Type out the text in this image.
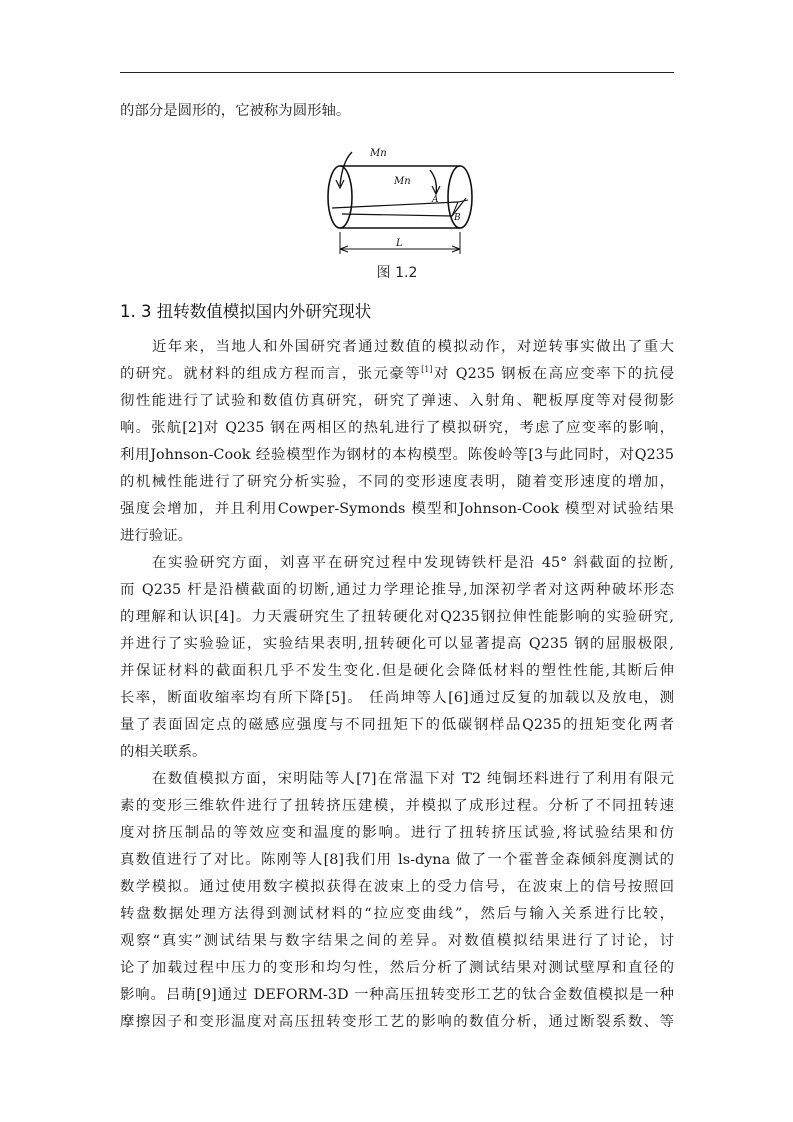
的部分是圆形的，它被称为圆形轴。
Mn
Mn
A
B
L
图 1.2
1. 3 扭转数值模拟国内外研究现状
近年来，当地人和外国研究者通过数值的模拟动作，对逆转事实做出了重大
的研究。就材料的组成方程而言，张元豪等[1]对 Q235 钢板在高应变率下的抗侵
彻性能进行了试验和数值仿真研究，研究了弹速、入射角、靶板厚度等对侵彻影
响。张航[2]对 Q235 钢在两相区的热轧进行了模拟研究，考虑了应变率的影响，
利用Johnson-Cook 经验模型作为钢材的本构模型。陈俊岭等[3与此同时，对Q235
的机械性能进行了研究分析实验，不同的变形速度表明，随着变形速度的增加，
强度会增加，并且利用Cowper-Symonds 模型和Johnson-Cook 模型对试验结果
进行验证。
在实验研究方面，刘喜平在研究过程中发现铸铁杆是沿 45° 斜截面的拉断,
而 Q235 杆是沿横截面的切断,通过力学理论推导,加深初学者对这两种破坏形态
的理解和认识[4]。力天震研究生了扭转硬化对Q235钢拉伸性能影响的实验研究,
并进行了实验验证，实验结果表明,扭转硬化可以显著提高 Q235 钢的屈服极限,
并保证材料的截面积几乎不发生变化.但是硬化会降低材料的塑性性能,其断后伸
长率，断面收缩率均有所下降[5]。 任尚坤等人[6]通过反复的加载以及放电，测
量了表面固定点的磁感应强度与不同扭矩下的低碳钢样品Q235的扭矩变化两者
的相关联系。
在数值模拟方面，宋明陆等人[7]在常温下对 T2 纯铜坯料进行了利用有限元
素的变形三维软件进行了扭转挤压建模，并模拟了成形过程。分析了不同扭转速
度对挤压制品的等效应变和温度的影响。进行了扭转挤压试验,将试验结果和仿
真数值进行了对比。陈刚等人[8]我们用 ls-dyna 做了一个霍普金森倾斜度测试的
数学模拟。通过使用数字模拟获得在波束上的受力信号，在波束上的信号按照回
转盘数据处理方法得到测试材料的“拉应变曲线”，然后与输入关系进行比较，
观察“真实”测试结果与数字结果之间的差异。对数值模拟结果进行了讨论，讨
论了加载过程中压力的变形和均匀性，然后分析了测试结果对测试壁厚和直径的
影响。吕萌[9]通过 DEFORM-3D 一种高压扭转变形工艺的钛合金数值模拟是一种
摩擦因子和变形温度对高压扭转变形工艺的影响的数值分析，通过断裂系数、等
